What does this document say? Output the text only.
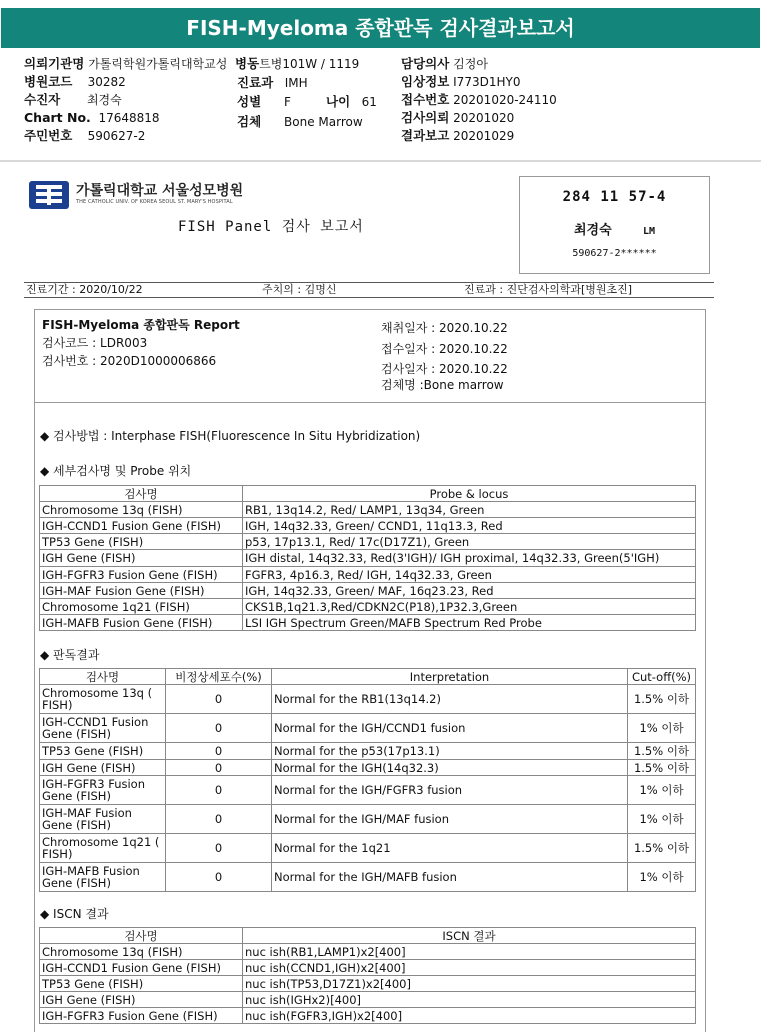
FISH-Myeloma 종합판독 검사결과보고서
의뢰기관명 가톨릭학원가톨릭대학교성
병원코드 30282
수진자 최경숙
Chart No. 17648818
주민번호 590627-2
병동트병101W / 1119
진료과 IMH
성별 F	나이 61
검체 Bone Marrow
담당의사 김정아
임상정보 I773D1HY0
접수번호 20201020-24110
검사의뢰 20201020
결과보고 20201029
가톨릭대학교 서울성모병원
THE CATHOLIC UNIV. OF KOREA SEOUL ST. MARY'S HOSPITAL
FISH Panel 검사 보고서
284 11 57-4
최경숙	LM
590627-2******
진료기간 : 2020/10/22	주치의 : 김명신	진료과 : 진단검사의학과[병원초진]
FISH-Myeloma 종합판독 Report
검사코드 : LDR003
검사번호 : 2020D1000006866
채취일자 : 2020.10.22
접수일자 : 2020.10.22
검사일자 : 2020.10.22
검체명 :Bone marrow
◆ 검사방법 : Interphase FISH(Fluorescence In Situ Hybridization)
◆ 세부검사명 및 Probe 위치
검사명	Probe & locus
Chromosome 13q (FISH)	RB1, 13q14.2, Red/ LAMP1, 13q34, Green
IGH-CCND1 Fusion Gene (FISH)	IGH, 14q32.33, Green/ CCND1, 11q13.3, Red
TP53 Gene (FISH)	p53, 17p13.1, Red/ 17c(D17Z1), Green
IGH Gene (FISH)	IGH distal, 14q32.33, Red(3'IGH)/ IGH proximal, 14q32.33, Green(5'IGH)
IGH-FGFR3 Fusion Gene (FISH)	FGFR3, 4p16.3, Red/ IGH, 14q32.33, Green
IGH-MAF Fusion Gene (FISH)	IGH, 14q32.33, Green/ MAF, 16q23.23, Red
Chromosome 1q21 (FISH)	CKS1B,1q21.3,Red/CDKN2C(P18),1P32.3,Green
IGH-MAFB Fusion Gene (FISH)	LSI IGH Spectrum Green/MAFB Spectrum Red Probe
◆ 판독결과
검사명	비정상세포수(%)	Interpretation	Cut-off(%)
Chromosome 13q ( FISH)	0	Normal for the RB1(13q14.2)	1.5% 이하
IGH-CCND1 Fusion Gene (FISH)	0	Normal for the IGH/CCND1 fusion	1% 이하
TP53 Gene (FISH)	0	Normal for the p53(17p13.1)	1.5% 이하
IGH Gene (FISH)	0	Normal for the IGH(14q32.3)	1.5% 이하
IGH-FGFR3 Fusion Gene (FISH)	0	Normal for the IGH/FGFR3 fusion	1% 이하
IGH-MAF Fusion Gene (FISH)	0	Normal for the IGH/MAF fusion	1% 이하
Chromosome 1q21 ( FISH)	0	Normal for the 1q21	1.5% 이하
IGH-MAFB Fusion Gene (FISH)	0	Normal for the IGH/MAFB fusion	1% 이하
◆ ISCN 결과
검사명	ISCN 결과
Chromosome 13q (FISH)	nuc ish(RB1,LAMP1)x2[400]
IGH-CCND1 Fusion Gene (FISH)	nuc ish(CCND1,IGH)x2[400]
TP53 Gene (FISH)	nuc ish(TP53,D17Z1)x2[400]
IGH Gene (FISH)	nuc ish(IGHx2)[400]
IGH-FGFR3 Fusion Gene (FISH)	nuc ish(FGFR3,IGH)x2[400]
